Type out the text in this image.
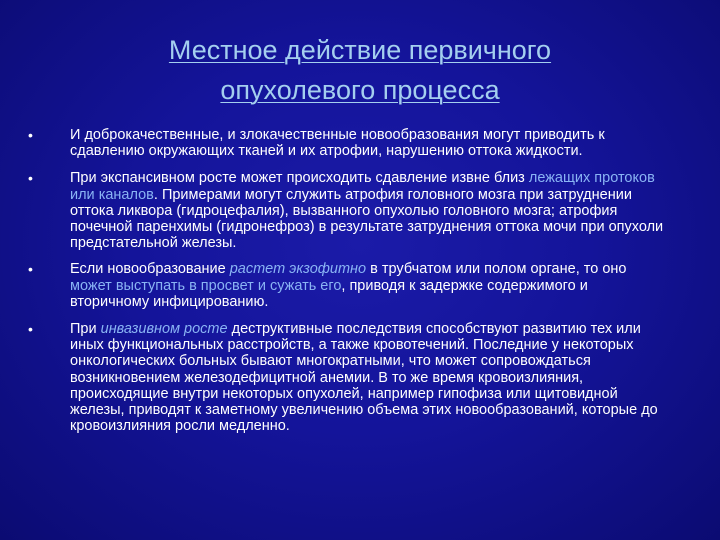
Местное действие первичного
опухолевого процесса
•	И доброкачественные, и злокачественные новообразования могут приводить к сдавлению окружающих тканей и их атрофии, нарушению оттока жидкости.
•	При экспансивном росте может происходить сдавление извне близ лежащих протоков или каналов. Примерами могут служить атрофия головного мозга при затруднении оттока ликвора (гидроцефалия), вызванного опухолью головного мозга; атрофия почечной паренхимы (гидронефроз) в результате затруднения оттока мочи при опухоли предстательной железы.
•	Если новообразование растет экзофитно в трубчатом или полом органе, то оно может выступать в просвет и сужать его, приводя к задержке содержимого и вторичному инфицированию.
•	При инвазивном росте деструктивные последствия способствуют развитию тех или иных функциональных расстройств, а также кровотечений. Последние у некоторых онкологических больных бывают многократными, что может сопровождаться возникновением железодефицитной анемии. В то же время кровоизлияния, происходящие внутри некоторых опухолей, например гипофиза или щитовидной железы, приводят к заметному увеличению объема этих новообразований, которые до кровоизлияния росли медленно.
